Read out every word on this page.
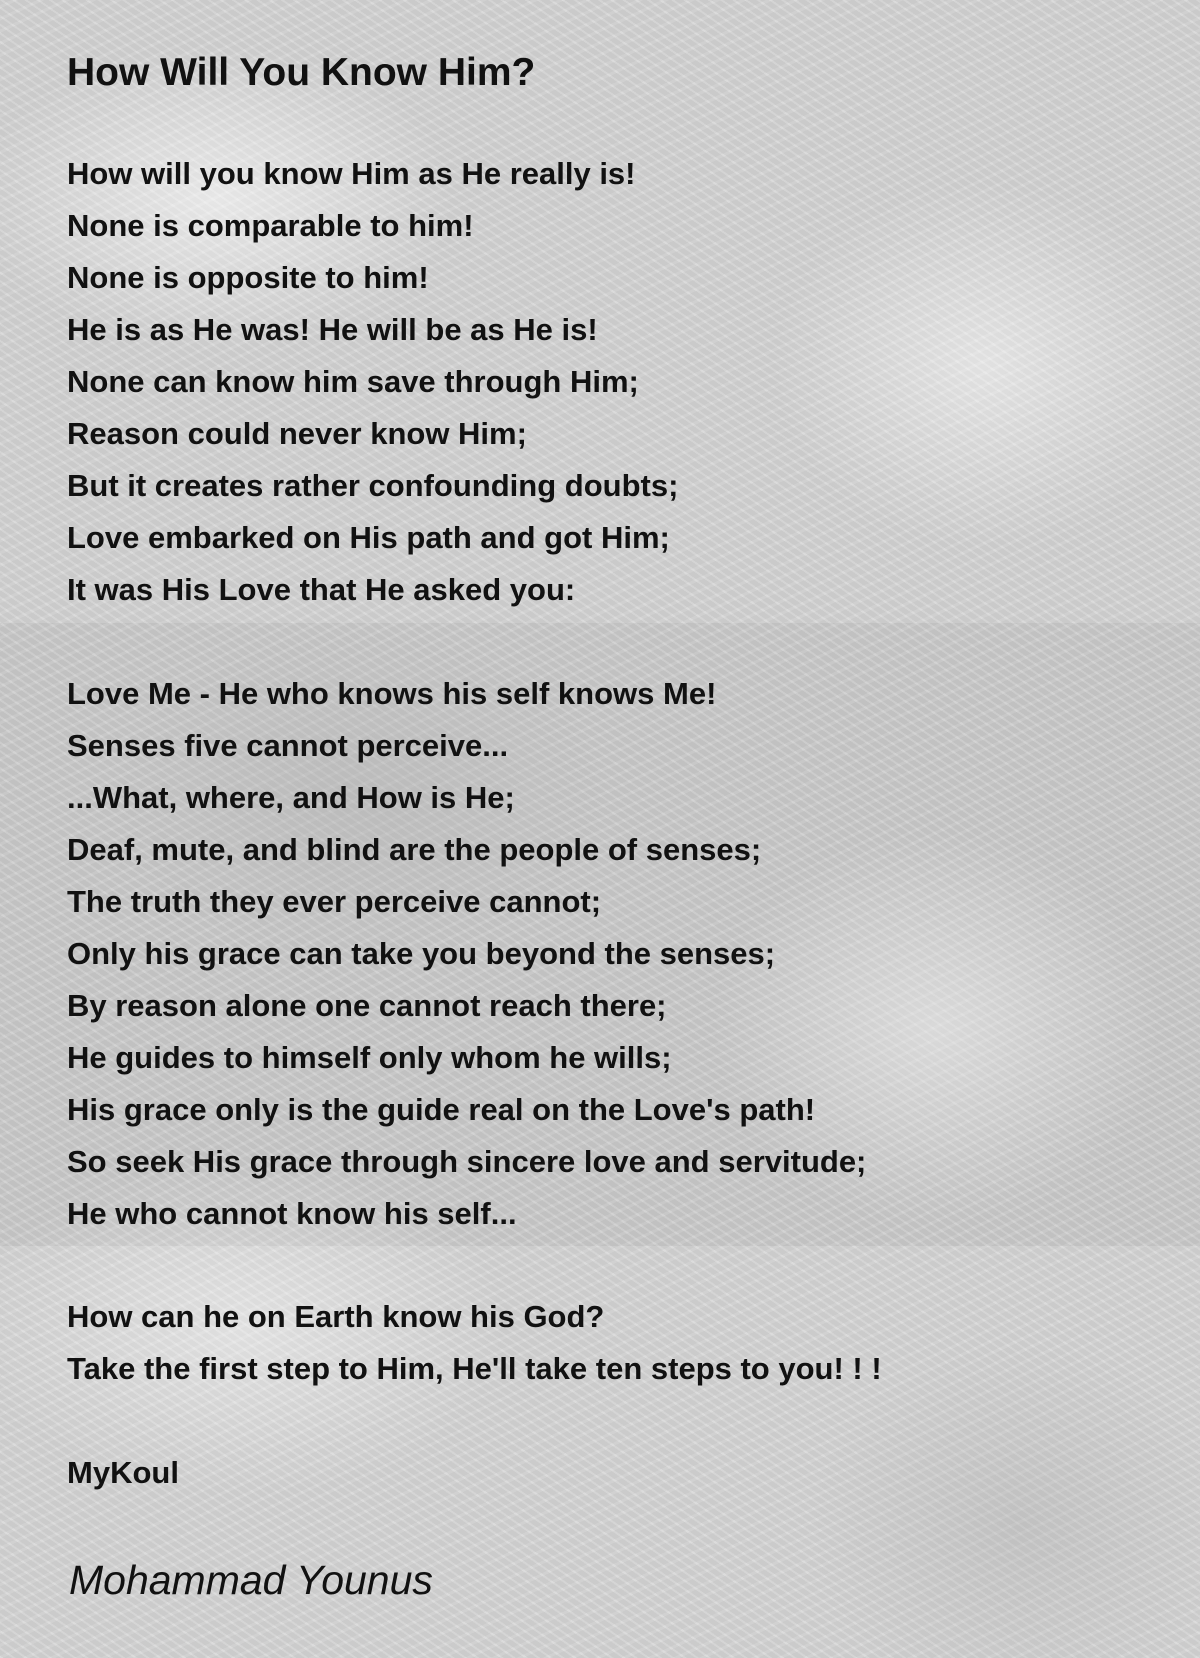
How Will You Know Him?

How will you know Him as He really is!

None is comparable to him!

None is opposite to him!

He is as He was! He will be as He is!

None can know him save through Him;

Reason could never know Him;

But it creates rather confounding doubts;

Love embarked on His path and got Him;

It was His Love that He asked you:

Love Me - He who knows his self knows Me!

Senses five cannot perceive...

...What, where, and How is He;

Deaf, mute, and blind are the people of senses;

The truth they ever perceive cannot;

Only his grace can take you beyond the senses;

By reason alone one cannot reach there;

He guides to himself only whom he wills;

His grace only is the guide real on the Love's path!

So seek His grace through sincere love and servitude;

He who cannot know his self...

How can he on Earth know his God?

Take the first step to Him, He'll take ten steps to you! ! !

MyKoul

Mohammad Younus
